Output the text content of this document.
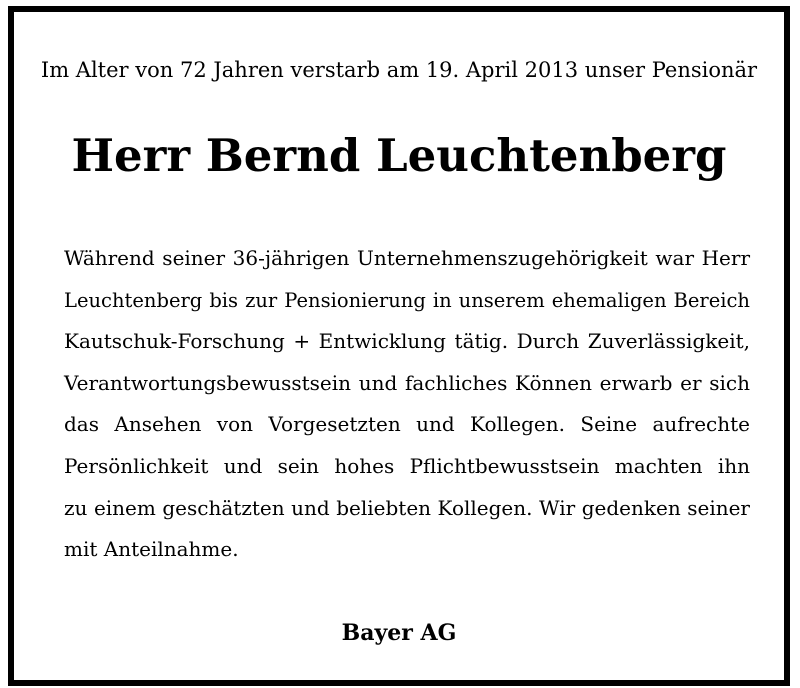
Im Alter von 72 Jahren verstarb am 19. April 2013 unser Pensionär
Herr Bernd Leuchtenberg
Während seiner 36-jährigen Unternehmenszugehörigkeit war Herr
Leuchtenberg bis zur Pensionierung in unserem ehemaligen Bereich
Kautschuk-Forschung + Entwicklung tätig. Durch Zuverlässigkeit,
Verantwortungsbewusstsein und fachliches Können erwarb er sich
das Ansehen von Vorgesetzten und Kollegen. Seine aufrechte
Persönlichkeit und sein hohes Pflichtbewusstsein machten ihn
zu einem geschätzten und beliebten Kollegen. Wir gedenken seiner
mit Anteilnahme.
Bayer AG
